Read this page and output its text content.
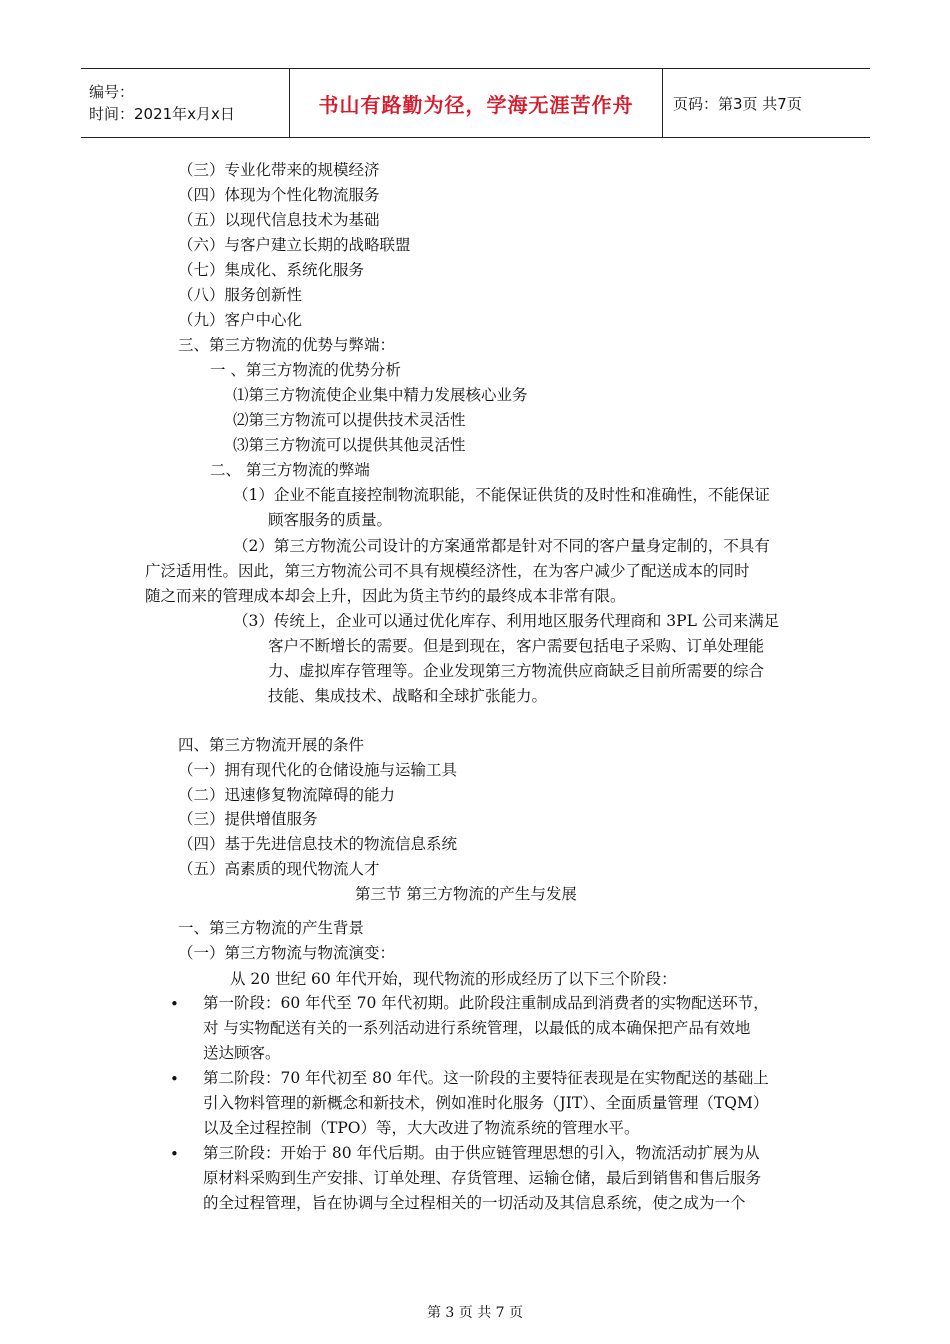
编号：
时间：2021年x月x日	书山有路勤为径，学海无涯苦作舟	页码：第3页 共7页
（三）专业化带来的规模经济
（四）体现为个性化物流服务
（五）以现代信息技术为基础
（六）与客户建立长期的战略联盟
（七）集成化、系统化服务
（八）服务创新性
（九）客户中心化
三、第三方物流的优势与弊端：
一 、第三方物流的优势分析
⑴第三方物流使企业集中精力发展核心业务
⑵第三方物流可以提供技术灵活性
⑶第三方物流可以提供其他灵活性
二、 第三方物流的弊端
（1）企业不能直接控制物流职能，不能保证供货的及时性和准确性，不能保证
顾客服务的质量。
（2）第三方物流公司设计的方案通常都是针对不同的客户量身定制的，不具有
广泛适用性。因此，第三方物流公司不具有规模经济性，在为客户减少了配送成本的同时
随之而来的管理成本却会上升，因此为货主节约的最终成本非常有限。
（3）传统上，企业可以通过优化库存、利用地区服务代理商和 3PL 公司来满足
客户不断增长的需要。但是到现在，客户需要包括电子采购、订单处理能
力、虚拟库存管理等。企业发现第三方物流供应商缺乏目前所需要的综合
技能、集成技术、战略和全球扩张能力。
四、第三方物流开展的条件
（一）拥有现代化的仓储设施与运输工具
（二）迅速修复物流障碍的能力
（三）提供增值服务
（四）基于先进信息技术的物流信息系统
（五）高素质的现代物流人才
第三节 第三方物流的产生与发展
一、第三方物流的产生背景
（一）第三方物流与物流演变：
从 20 世纪 60 年代开始，现代物流的形成经历了以下三个阶段：
• 第一阶段：60 年代至 70 年代初期。此阶段注重制成品到消费者的实物配送环节，
对 与实物配送有关的一系列活动进行系统管理，以最低的成本确保把产品有效地
送达顾客。
• 第二阶段：70 年代初至 80 年代。这一阶段的主要特征表现是在实物配送的基础上
引入物料管理的新概念和新技术，例如准时化服务（JIT）、全面质量管理（TQM）
以及全过程控制（TPO）等，大大改进了物流系统的管理水平。
• 第三阶段：开始于 80 年代后期。由于供应链管理思想的引入，物流活动扩展为从
原材料采购到生产安排、订单处理、存货管理、运输仓储，最后到销售和售后服务
的全过程管理，旨在协调与全过程相关的一切活动及其信息系统，使之成为一个
第 3 页 共 7 页
